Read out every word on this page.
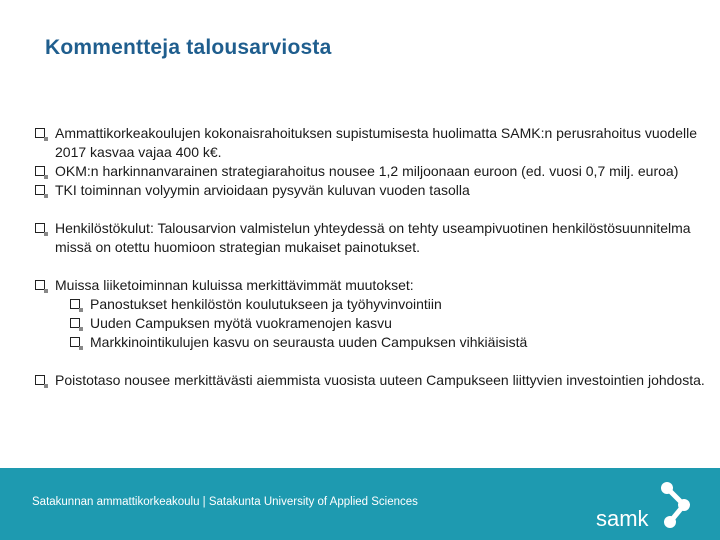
Kommentteja talousarviosta
Ammattikorkeakoulujen kokonaisrahoituksen supistumisesta huolimatta SAMK:n perusrahoitus vuodelle 2017 kasvaa vajaa 400 k€.
OKM:n harkinnanvarainen strategiarahoitus nousee 1,2 miljoonaan euroon (ed. vuosi 0,7 milj. euroa)
TKI toiminnan volyymin arvioidaan pysyvän kuluvan vuoden tasolla
Henkilöstökulut: Talousarvion valmistelun yhteydessä on tehty useampivuotinen henkilöstösuunnitelma missä on otettu huomioon strategian mukaiset painotukset.
Muissa liiketoiminnan kuluissa merkittävimmät muutokset:
Panostukset henkilöstön koulutukseen ja työhyvinvointiin
Uuden Campuksen myötä vuokramenojen kasvu
Markkinointikulujen kasvu on seurausta uuden Campuksen vihkiäisistä
Poistotaso nousee merkittävästi aiemmista vuosista uuteen Campukseen liittyvien investointien johdosta.
Satakunnan ammattikorkeakoulu | Satakunta University of Applied Sciences
samk
